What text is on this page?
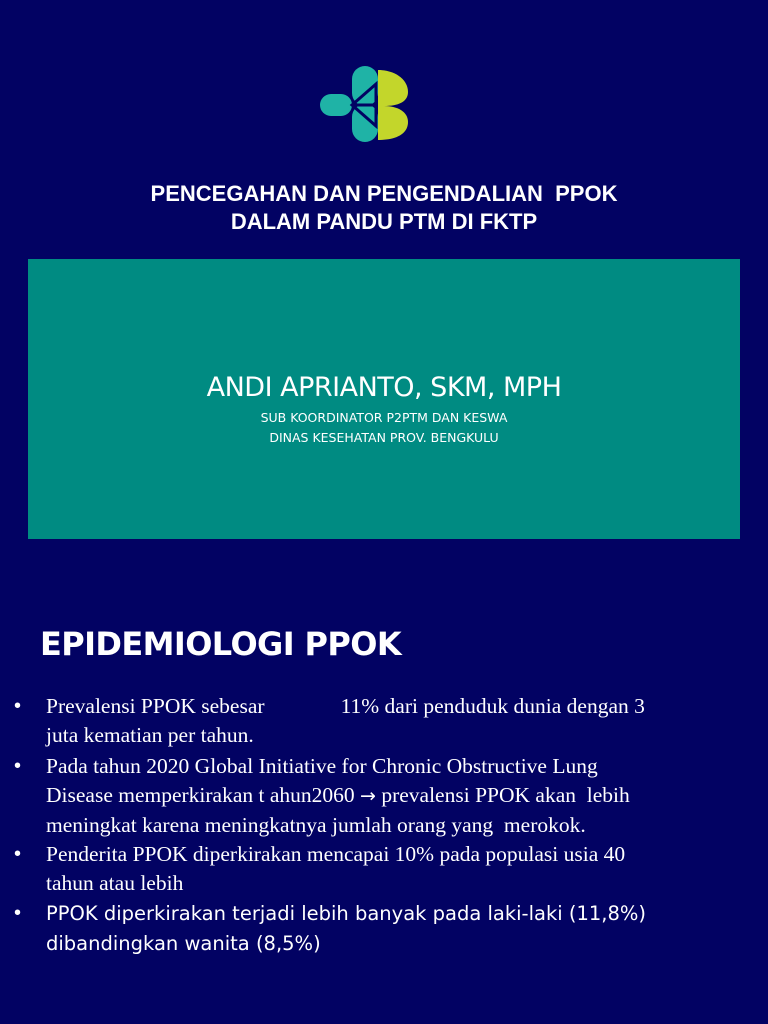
PENCEGAHAN DAN PENGENDALIAN  PPOK
DALAM PANDU PTM DI FKTP

ANDI APRIANTO, SKM, MPH

SUB KOORDINATOR P2PTM DAN KESWA

DINAS KESEHATAN PROV. BENGKULU

EPIDEMIOLOGI PPOK
• Prevalensi PPOK sebesar	11% dari penduduk dunia dengan 3
juta kematian per tahun.
• Pada tahun 2020 Global Initiative for Chronic Obstructive Lung
Disease memperkirakan t ahun2060 → prevalensi PPOK akan  lebih
meningkat karena meningkatnya jumlah orang yang  merokok.
• Penderita PPOK diperkirakan mencapai 10% pada populasi usia 40
tahun atau lebih
• PPOK diperkirakan terjadi lebih banyak pada laki-laki (11,8%)
dibandingkan wanita (8,5%)
